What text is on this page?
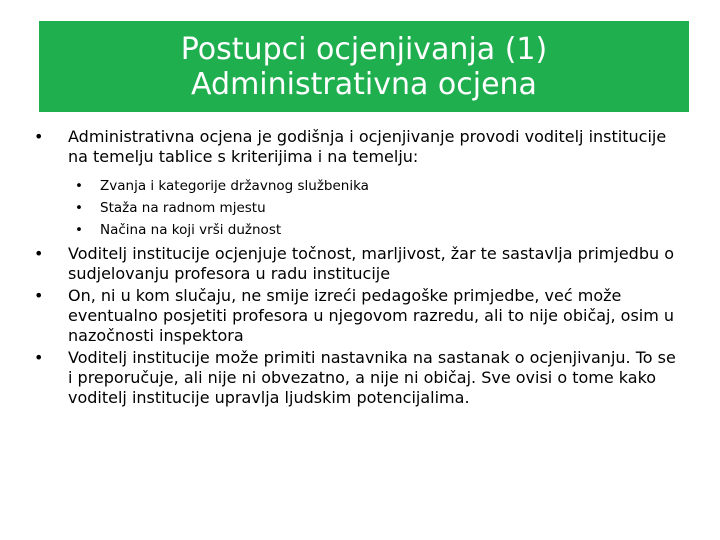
Postupci ocjenjivanja (1)
Administrativna ocjena
•	Administrativna ocjena je godišnja i ocjenjivanje provodi voditelj institucije na temelju tablice s kriterijima i na temelju:
• Zvanja i kategorije državnog službenika
• Staža na radnom mjestu
• Načina na koji vrši dužnost
•	Voditelj institucije ocjenjuje točnost, marljivost, žar te sastavlja primjedbu o sudjelovanju profesora u radu institucije
•	On, ni u kom slučaju, ne smije izreći pedagoške primjedbe, već može eventualno posjetiti profesora u njegovom razredu, ali to nije običaj, osim u nazočnosti inspektora
•	Voditelj institucije može primiti nastavnika na sastanak o ocjenjivanju. To se i preporučuje, ali nije ni obvezatno, a nije ni običaj. Sve ovisi o tome kako voditelj institucije upravlja ljudskim potencijalima.
